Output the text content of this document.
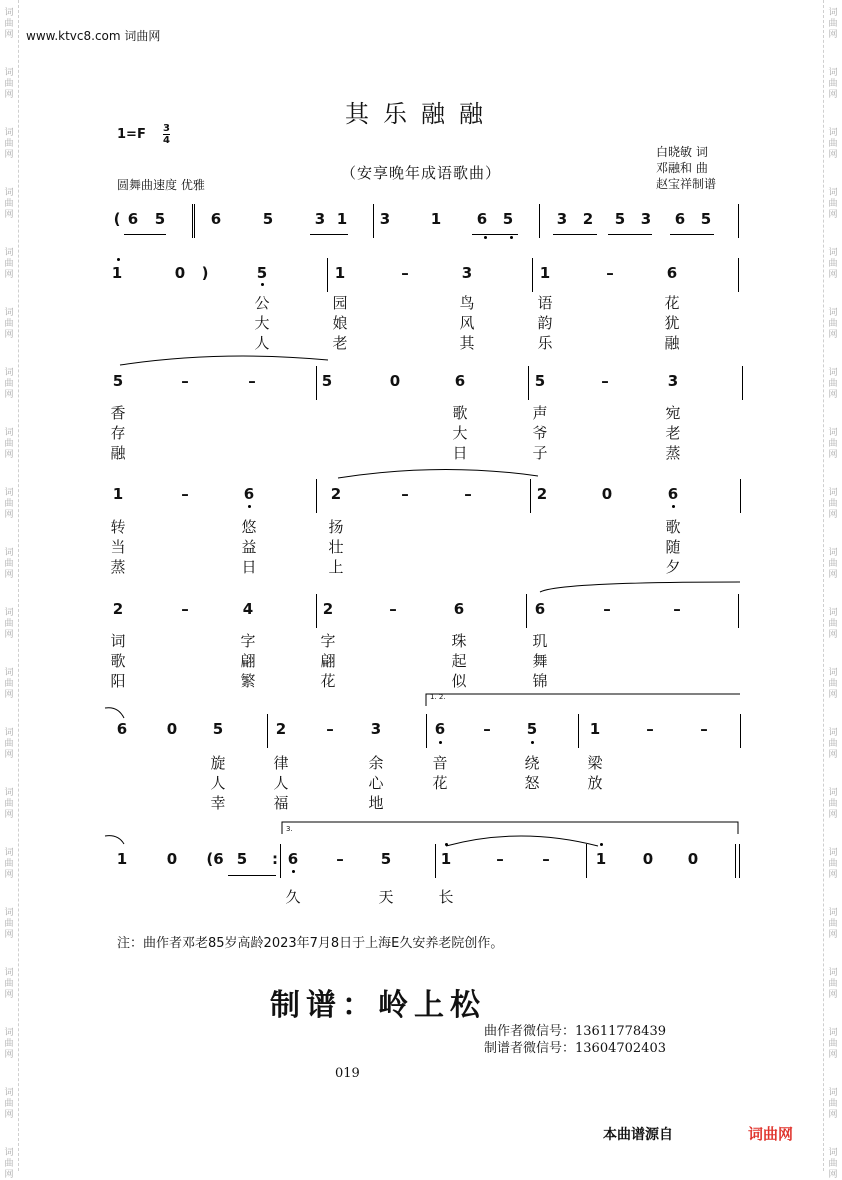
词
曲
网
词
曲
网
词
曲
网
词
曲
网
词
曲
网
词
曲
网
词
曲
网
词
曲
网
词
曲
网
词
曲
网
词
曲
网
词
曲
网
词
曲
网
词
曲
网
词
曲
网
词
曲
网
词
曲
网
词
曲
网
词
曲
网
词
曲
网
词
曲
网
词
曲
网
词
曲
网
词
曲
网
词
曲
网
词
曲
网
词
曲
网
词
曲
网
词
曲
网
词
曲
网
词
曲
网
词
曲
网
词
曲
网
词
曲
网
词
曲
网
词
曲
网
词
曲
网
词
曲
网
词
曲
网
词
曲
网
www.ktvc8.com 词曲网
其乐融融
1=F 3
4
（安享晚年成语歌曲）
圆舞曲速度 优雅
白晓敏 词
邓融和 曲
赵宝祥制谱
( 6	5	6	5	3 1	3	1	6	5	3	2	5	3	6	5
1	0	)	5	1	–	3	1	–	6
5	–	–	5	0	6	5	–	3
1	–	6	2	–	–	2	0	6
2	–	4	2	–	6	6	–	–
6	0	5	2	–	3	6	–	5	1	–	–
1	0	(6 5	: 6	–	5	1	–	–	1	0	0
公	园	鸟	语	花
大	娘	风	韵	犹
人	老	其	乐	融
香	歌	声	宛
存	大	爷	老
融	日	子	蒸
转	悠	扬	歌
当	益	壮	随
蒸	日	上	夕
词	字	字	珠	玑
歌	翩	翩	起	舞
阳	繁	花	似	锦
旋	律	余	音	绕	梁
人	人	心	花	怒	放
幸	福	地
久	天	长
1. 2.
3.
注：曲作者邓老85岁高龄2023年7月8日于上海E久安养老院创作。
制谱：岭上松
曲作者微信号：13611778439
制谱者微信号：13604702403
019
本曲谱源自	词曲网
